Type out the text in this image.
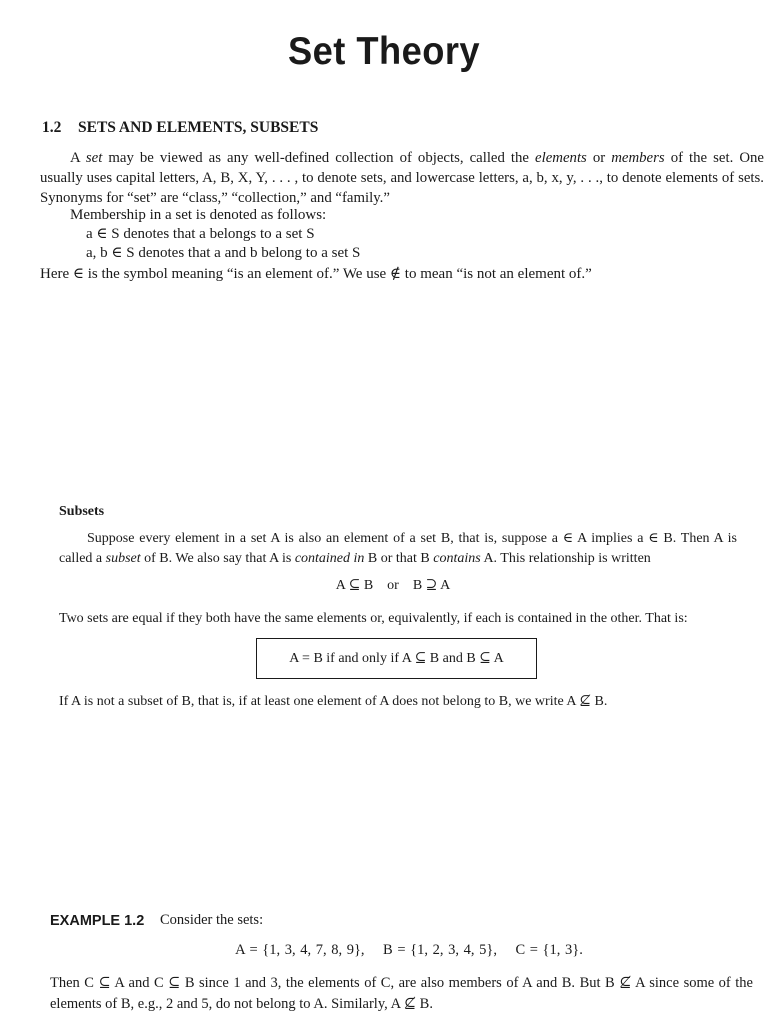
Set Theory
1.2 SETS AND ELEMENTS, SUBSETS
A set may be viewed as any well-defined collection of objects, called the elements or members of the set. One usually uses capital letters, A, B, X, Y, . . . , to denote sets, and lowercase letters, a, b, x, y, . . ., to denote elements of sets. Synonyms for “set” are “class,” “collection,” and “family.”
Membership in a set is denoted as follows:
a ∈ S denotes that a belongs to a set S
a, b ∈ S denotes that a and b belong to a set S
Here ∈ is the symbol meaning “is an element of.” We use ∉ to mean “is not an element of.”
Subsets
Suppose every element in a set A is also an element of a set B, that is, suppose a ∈ A implies a ∈ B. Then A is called a subset of B. We also say that A is contained in B or that B contains A. This relationship is written
A ⊆ B    or    B ⊇ A
Two sets are equal if they both have the same elements or, equivalently, if each is contained in the other. That is:
A = B if and only if A ⊆ B and B ⊆ A
If A is not a subset of B, that is, if at least one element of A does not belong to B, we write A ⊈ B.
EXAMPLE 1.2 Consider the sets:
A = {1, 3, 4, 7, 8, 9},    B = {1, 2, 3, 4, 5},    C = {1, 3}.
Then C ⊆ A and C ⊆ B since 1 and 3, the elements of C, are also members of A and B. But B ⊈ A since some of the elements of B, e.g., 2 and 5, do not belong to A. Similarly, A ⊈ B.
